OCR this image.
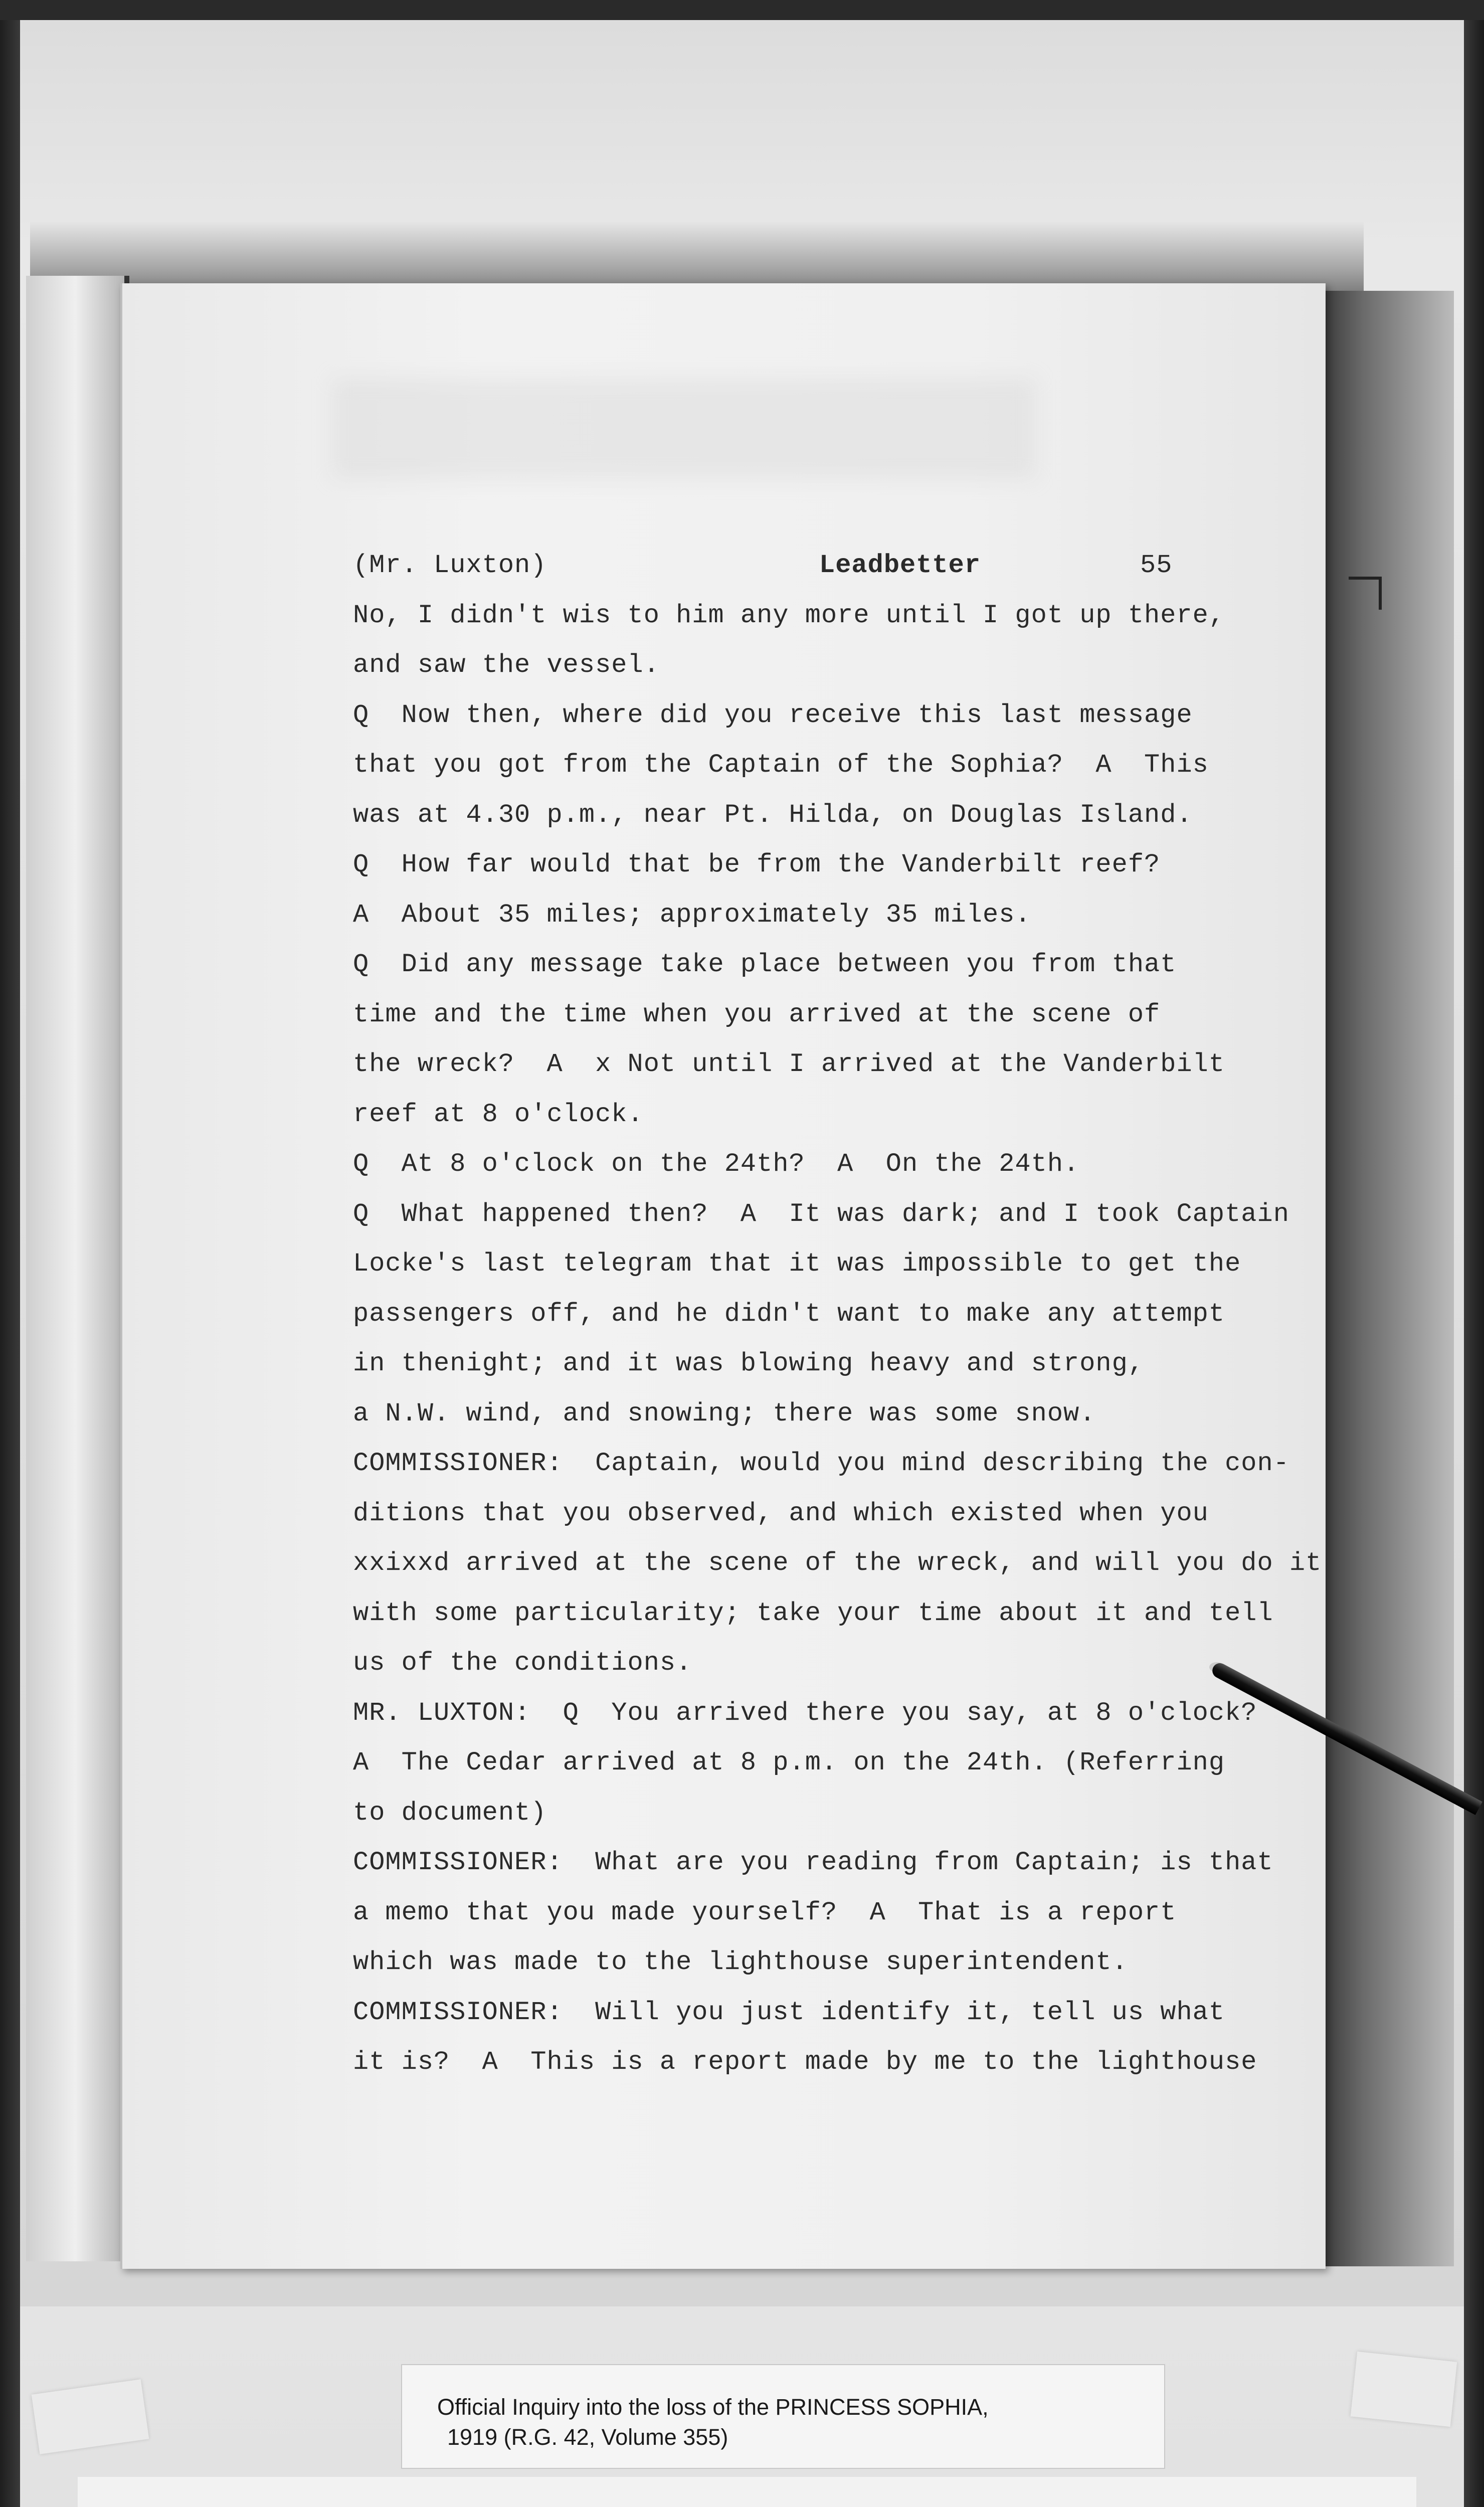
(Mr. Luxton)

	Leadbetter

	55

No, I didn't wis to him any more until I got up there,
and saw the vessel.
Q  Now then, where did you receive this last message
that you got from the Captain of the Sophia?  A  This
was at 4.30 p.m., near Pt. Hilda, on Douglas Island.
Q  How far would that be from the Vanderbilt reef?
A  About 35 miles; approximately 35 miles.
Q  Did any message take place between you from that
time and the time when you arrived at the scene of
the wreck?  A  x Not until I arrived at the Vanderbilt
reef at 8 o'clock.
Q  At 8 o'clock on the 24th?  A  On the 24th.
Q  What happened then?  A  It was dark; and I took Captain
Locke's last telegram that it was impossible to get the
passengers off, and he didn't want to make any attempt
in thenight; and it was blowing heavy and strong,
a N.W. wind, and snowing; there was some snow.
COMMISSIONER:  Captain, would you mind describing the con-
ditions that you observed, and which existed when you
xxixxd arrived at the scene of the wreck, and will you do it
with some particularity; take your time about it and tell
us of the conditions.
MR. LUXTON:  Q  You arrived there you say, at 8 o'clock?
A  The Cedar arrived at 8 p.m. on the 24th. (Referring
to document)
COMMISSIONER:  What are you reading from Captain; is that
a memo that you made yourself?  A  That is a report
which was made to the lighthouse superintendent.
COMMISSIONER:  Will you just identify it, tell us what
it is?  A  This is a report made by me to the lighthouse
Official Inquiry into the loss of the PRINCESS SOPHIA,
1919 (R.G. 42, Volume 355)
